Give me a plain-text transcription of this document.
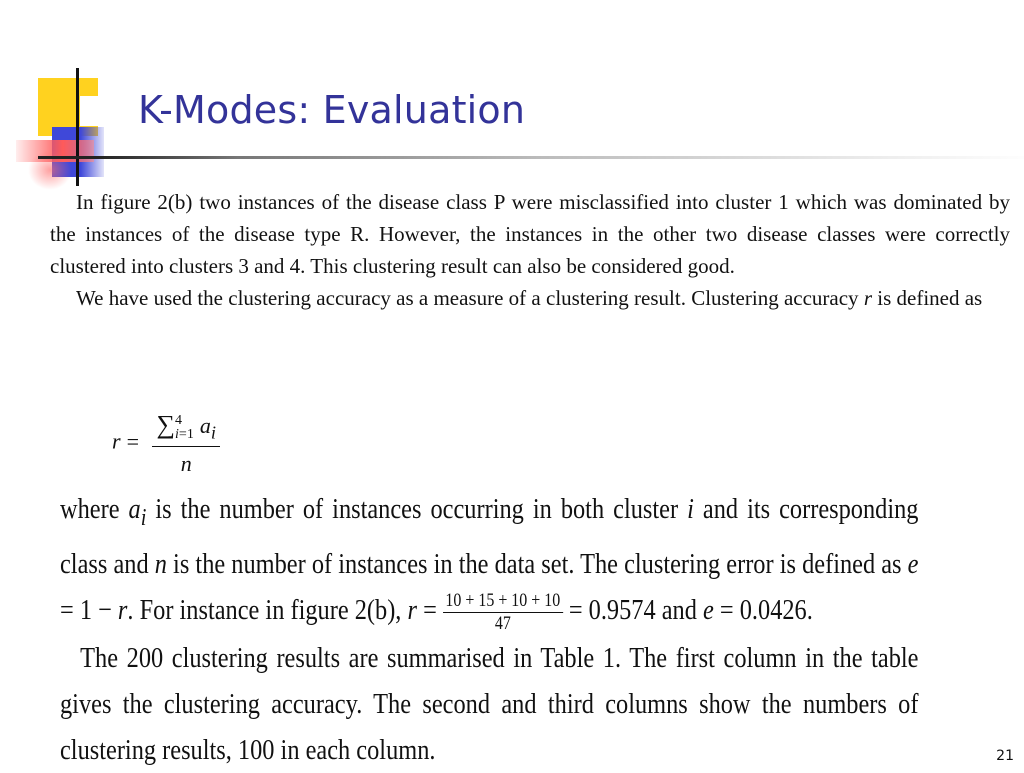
K-Modes: Evaluation

In figure 2(b) two instances of the disease class P were misclassified into cluster 1 which was dominated by the instances of the disease type R. However, the instances in the other two disease classes were correctly clustered into clusters 3 and 4. This clustering result can also be considered good.
We have used the clustering accuracy as a measure of a clustering result. Clustering accuracy r is defined as

r = ∑ 4
i=1 $a_i$
n
where $a_i$ is the number of instances occurring in both cluster i and its corresponding class and n is the number of instances in the data set. The clustering error is defined as e = 1 − r. For instance in figure 2(b), $r = \frac{10 + 15 + 10 + 10}{47} = 0.9574$ and e = 0.0426.
The 200 clustering results are summarised in Table 1. The first column in the table gives the clustering accuracy. The second and third columns show the numbers of clustering results, 100 in each column.	21
